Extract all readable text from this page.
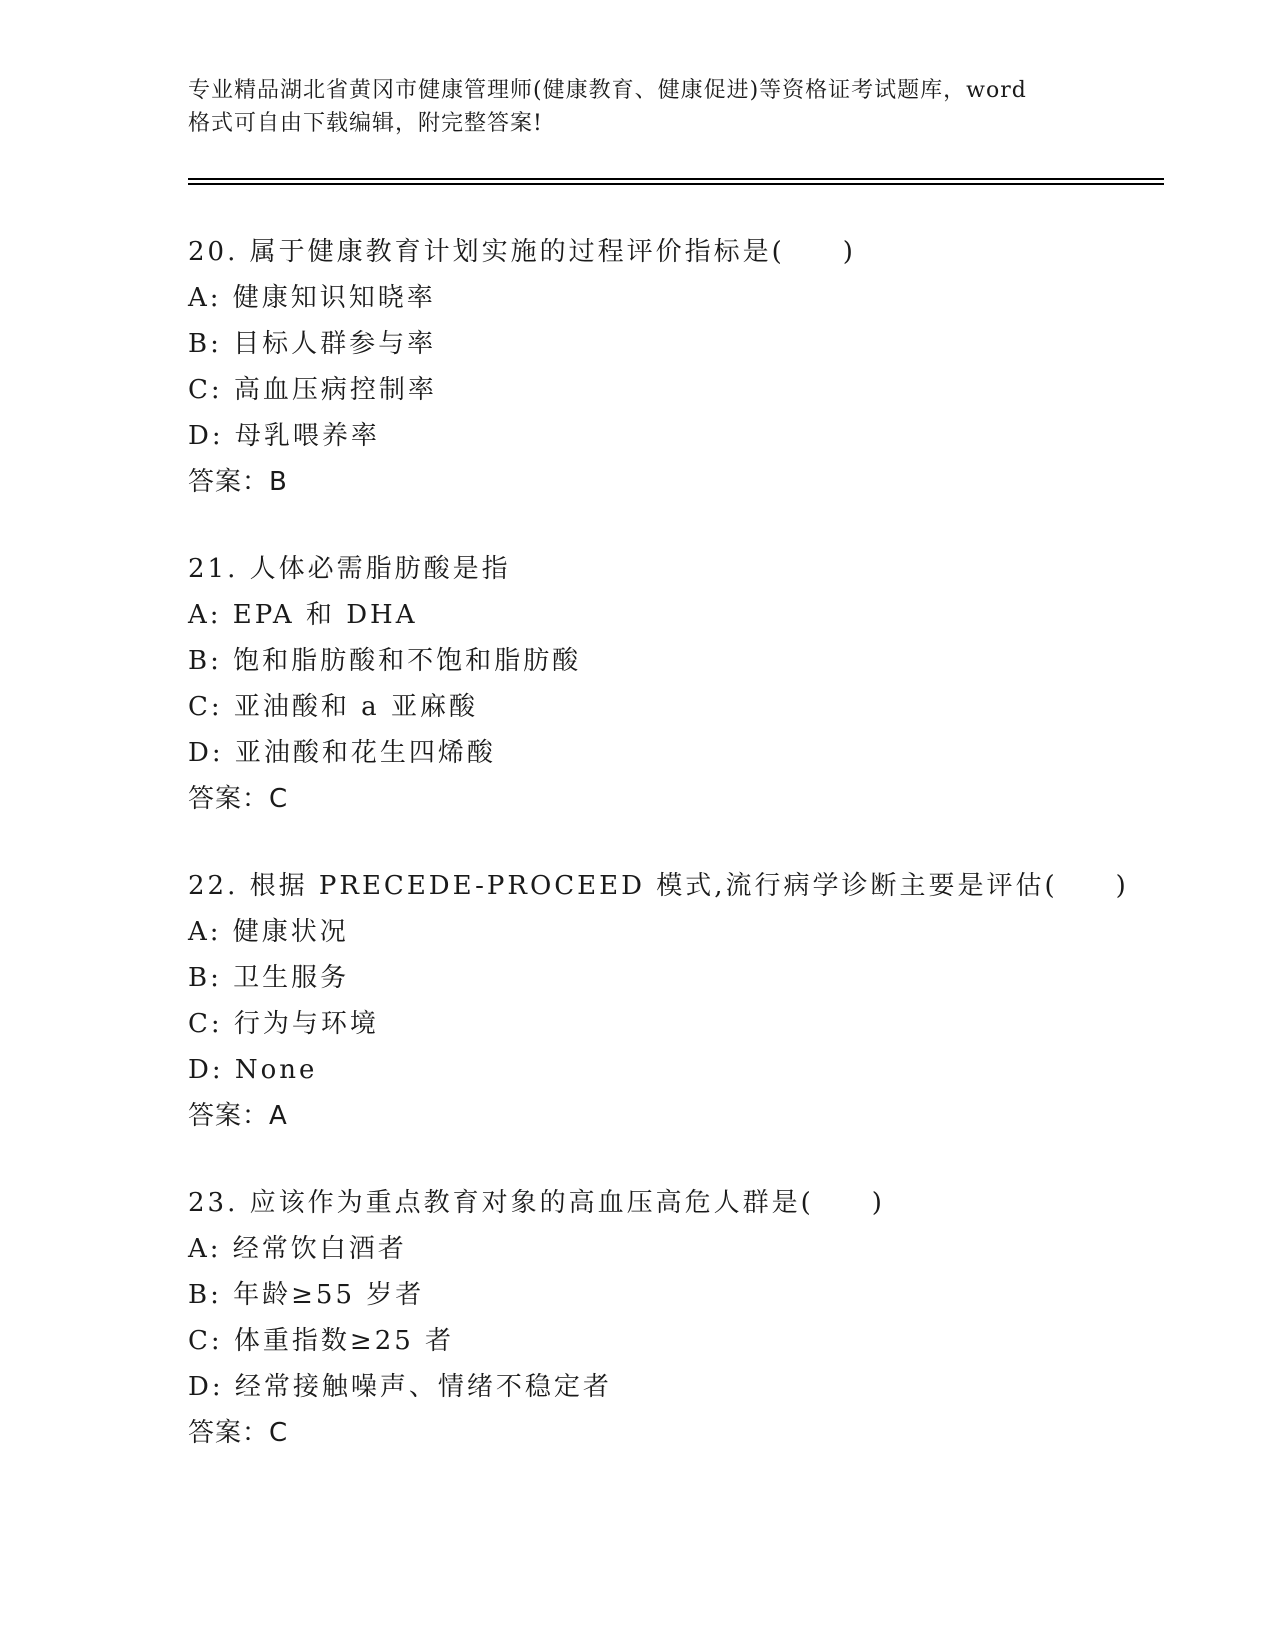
专业精品湖北省黄冈市健康管理师(健康教育、健康促进)等资格证考试题库，word
格式可自由下载编辑，附完整答案!
20. 属于健康教育计划实施的过程评价指标是(　　)
A: 健康知识知晓率
B: 目标人群参与率
C: 高血压病控制率
D: 母乳喂养率
答案：B
21. 人体必需脂肪酸是指
A: EPA 和 DHA
B: 饱和脂肪酸和不饱和脂肪酸
C: 亚油酸和 a 亚麻酸
D: 亚油酸和花生四烯酸
答案：C
22. 根据 PRECEDE-PROCEED 模式,流行病学诊断主要是评估(　　)
A: 健康状况
B: 卫生服务
C: 行为与环境
D: None
答案：A
23. 应该作为重点教育对象的高血压高危人群是(　　)
A: 经常饮白酒者
B: 年龄≥55 岁者
C: 体重指数≥25 者
D: 经常接触噪声、情绪不稳定者
答案：C
